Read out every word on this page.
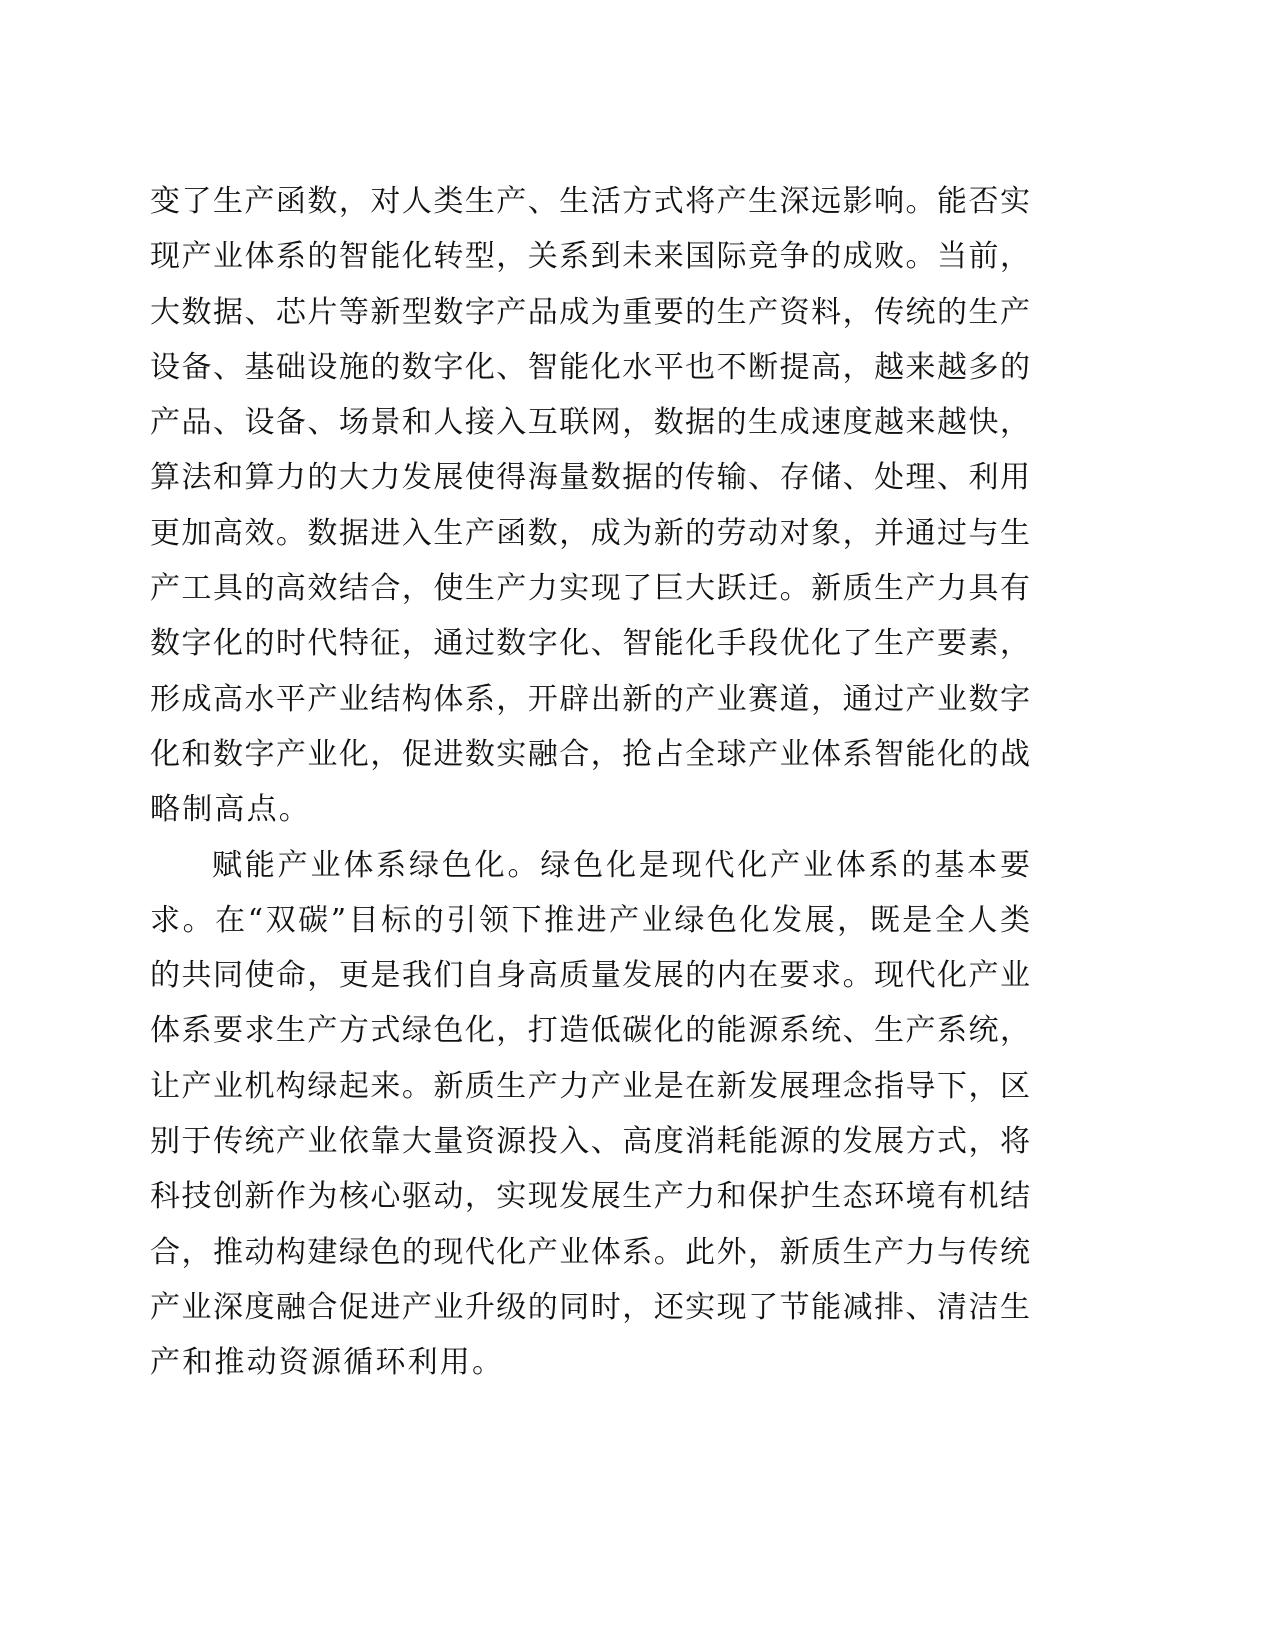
变了生产函数，对人类生产、生活方式将产生深远影响。能否实
现产业体系的智能化转型，关系到未来国际竞争的成败。当前，
大数据、芯片等新型数字产品成为重要的生产资料，传统的生产
设备、基础设施的数字化、智能化水平也不断提高，越来越多的
产品、设备、场景和人接入互联网，数据的生成速度越来越快，
算法和算力的大力发展使得海量数据的传输、存储、处理、利用
更加高效。数据进入生产函数，成为新的劳动对象，并通过与生
产工具的高效结合，使生产力实现了巨大跃迁。新质生产力具有
数字化的时代特征，通过数字化、智能化手段优化了生产要素，
形成高水平产业结构体系，开辟出新的产业赛道，通过产业数字
化和数字产业化，促进数实融合，抢占全球产业体系智能化的战
略制高点。
赋能产业体系绿色化。绿色化是现代化产业体系的基本要
求。在“双碳”目标的引领下推进产业绿色化发展，既是全人类
的共同使命，更是我们自身高质量发展的内在要求。现代化产业
体系要求生产方式绿色化，打造低碳化的能源系统、生产系统，
让产业机构绿起来。新质生产力产业是在新发展理念指导下，区
别于传统产业依靠大量资源投入、高度消耗能源的发展方式，将
科技创新作为核心驱动，实现发展生产力和保护生态环境有机结
合，推动构建绿色的现代化产业体系。此外，新质生产力与传统
产业深度融合促进产业升级的同时，还实现了节能减排、清洁生
产和推动资源循环利用。
